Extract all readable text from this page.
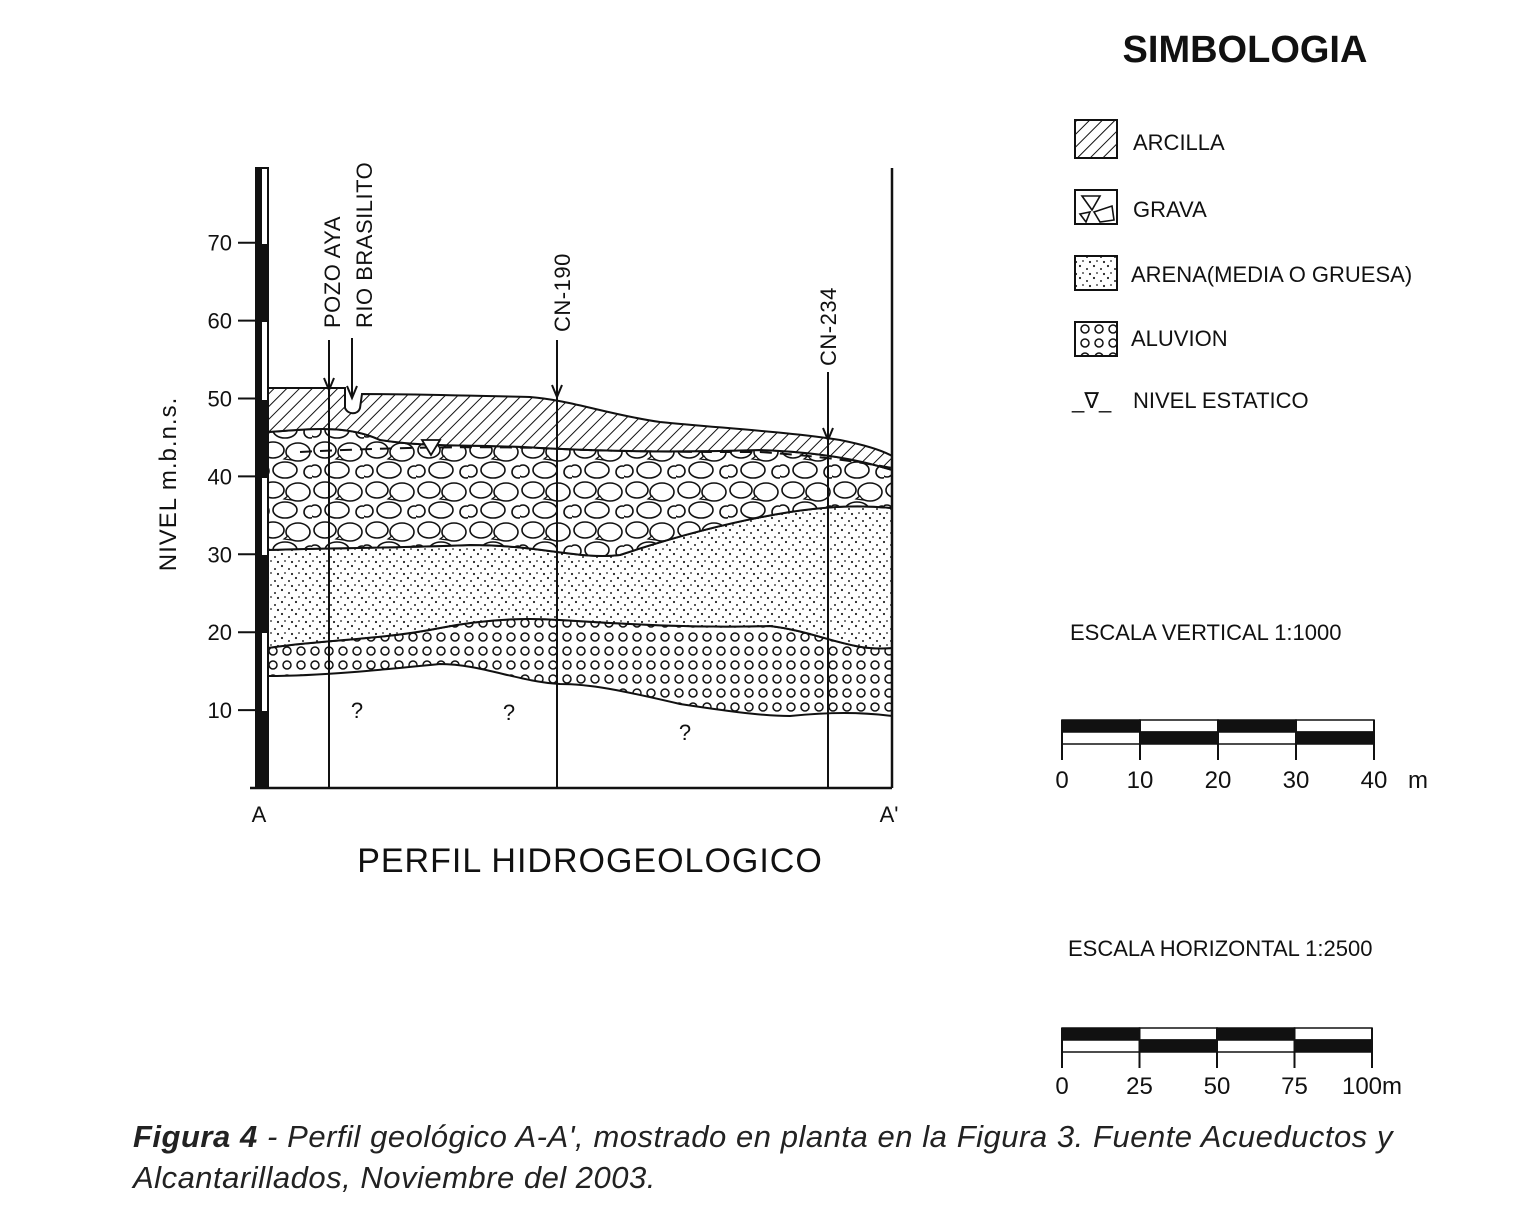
10
20
30
40
50
60
70
NIVEL m.b.n.s.
A	A'
POZO AYA RIO BRASILITO	CN-190	CN-234
?	?
?
PERFIL HIDROGEOLOGICO
SIMBOLOGIA
ARCILLA
GRAVA
ARENA(MEDIA O GRUESA)
ALUVION
_∇_ NIVEL ESTATICO
ESCALA VERTICAL 1:1000
0 10 20 30 40 m
ESCALA HORIZONTAL 1:2500
0 25 50 75 100m
Figura 4 - Perfil geológico A-A', mostrado en planta en la Figura 3. Fuente Acueductos y Alcantarillados, Noviembre del 2003.
